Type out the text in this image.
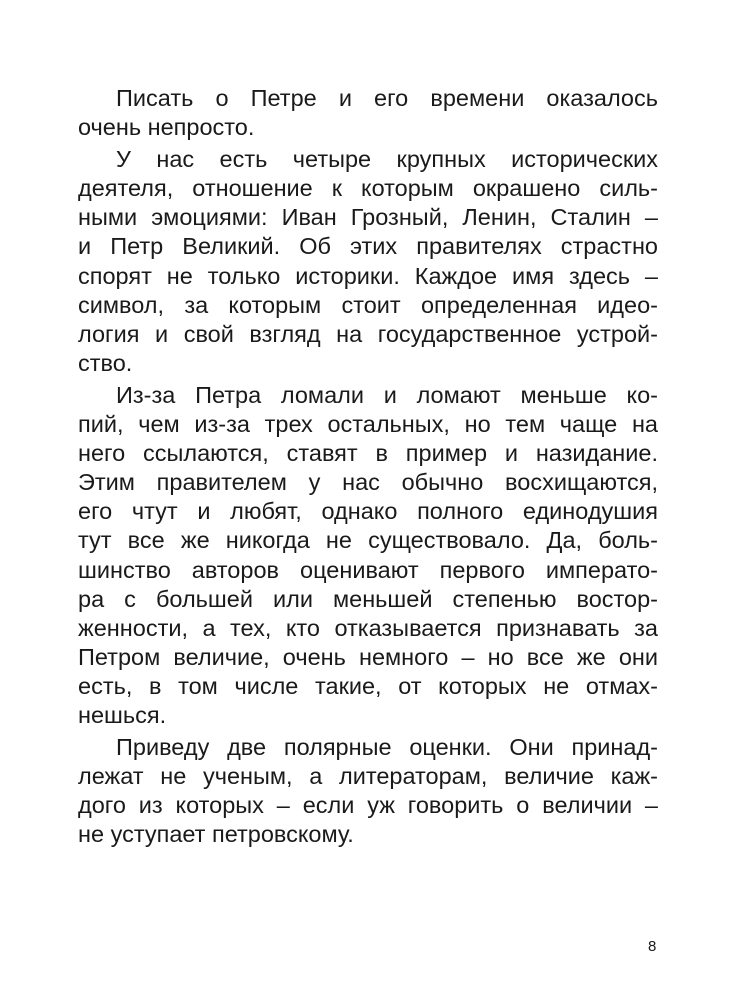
Писать о Петре и его времени оказалось
очень непросто.
У нас есть четыре крупных исторических
деятеля, отношение к которым окрашено силь-
ными эмоциями: Иван Грозный, Ленин, Сталин –
и Петр Великий. Об этих правителях страстно
спорят не только историки. Каждое имя здесь –
символ, за которым стоит определенная идео-
логия и свой взгляд на государственное устрой-
ство.
Из-за Петра ломали и ломают меньше ко-
пий, чем из-за трех остальных, но тем чаще на
него ссылаются, ставят в пример и назидание.
Этим правителем у нас обычно восхищаются,
его чтут и любят, однако полного единодушия
тут все же никогда не существовало. Да, боль-
шинство авторов оценивают первого императо-
ра с большей или меньшей степенью востор-
женности, а тех, кто отказывается признавать за
Петром величие, очень немного – но все же они
есть, в том числе такие, от которых не отмах-
нешься.
Приведу две полярные оценки. Они принад-
лежат не ученым, а литераторам, величие каж-
дого из которых – если уж говорить о величии –
не уступает петровскому.
8
